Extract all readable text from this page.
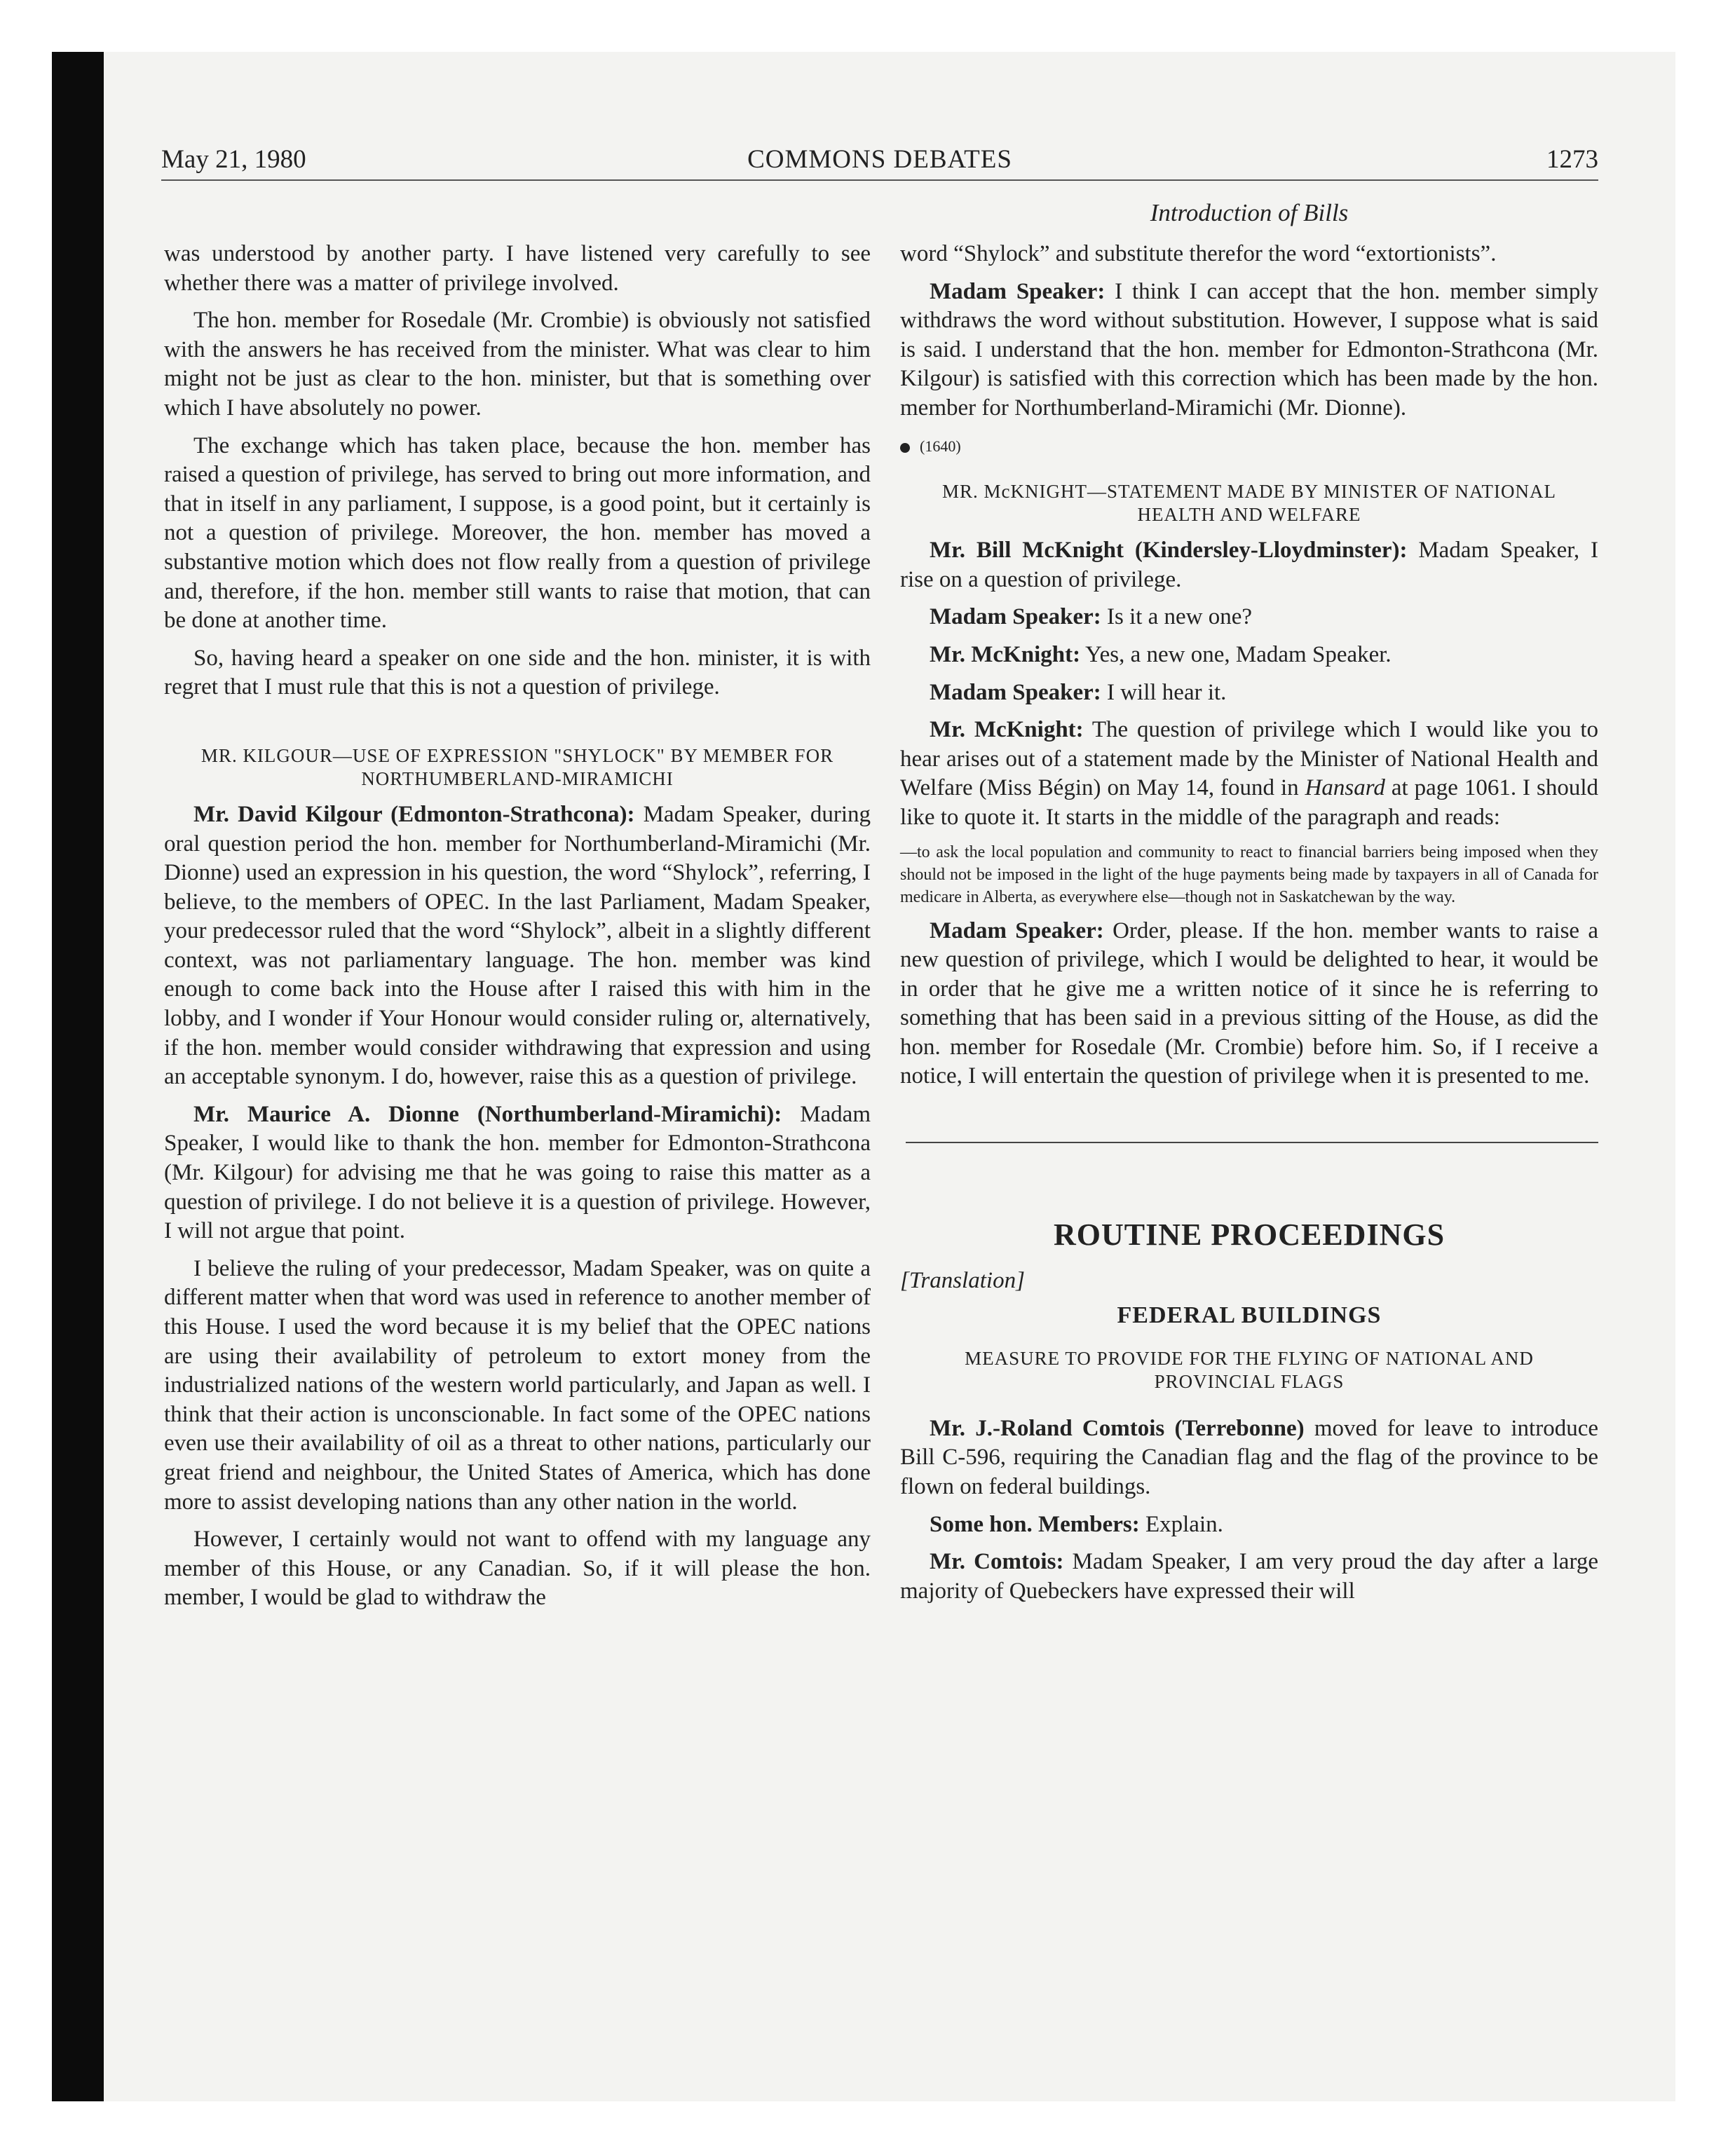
May 21, 1980	COMMONS DEBATES	1273
Introduction of Bills

was understood by another party. I have listened very carefully to see whether there was a matter of privilege involved.

The hon. member for Rosedale (Mr. Crombie) is obviously not satisfied with the answers he has received from the minister. What was clear to him might not be just as clear to the hon. minister, but that is something over which I have absolutely no power.

The exchange which has taken place, because the hon. member has raised a question of privilege, has served to bring out more information, and that in itself in any parliament, I suppose, is a good point, but it certainly is not a question of privilege. Moreover, the hon. member has moved a substantive motion which does not flow really from a question of privilege and, therefore, if the hon. member still wants to raise that motion, that can be done at another time.

So, having heard a speaker on one side and the hon. minister, it is with regret that I must rule that this is not a question of privilege.

MR. KILGOUR—USE OF EXPRESSION "SHYLOCK" BY MEMBER FOR NORTHUMBERLAND-MIRAMICHI

Mr. David Kilgour (Edmonton-Strathcona): Madam Speaker, during oral question period the hon. member for Northumberland-Miramichi (Mr. Dionne) used an expression in his question, the word “Shylock”, referring, I believe, to the members of OPEC. In the last Parliament, Madam Speaker, your predecessor ruled that the word “Shylock”, albeit in a slightly different context, was not parliamentary language. The hon. member was kind enough to come back into the House after I raised this with him in the lobby, and I wonder if Your Honour would consider ruling or, alternatively, if the hon. member would consider withdrawing that expression and using an acceptable synonym. I do, however, raise this as a question of privilege.

Mr. Maurice A. Dionne (Northumberland-Miramichi): Madam Speaker, I would like to thank the hon. member for Edmonton-Strathcona (Mr. Kilgour) for advising me that he was going to raise this matter as a question of privilege. I do not believe it is a question of privilege. However, I will not argue that point.

I believe the ruling of your predecessor, Madam Speaker, was on quite a different matter when that word was used in reference to another member of this House. I used the word because it is my belief that the OPEC nations are using their availability of petroleum to extort money from the industrialized nations of the western world particularly, and Japan as well. I think that their action is unconscionable. In fact some of the OPEC nations even use their availability of oil as a threat to other nations, particularly our great friend and neighbour, the United States of America, which has done more to assist developing nations than any other nation in the world.

However, I certainly would not want to offend with my language any member of this House, or any Canadian. So, if it will please the hon. member, I would be glad to withdraw the

word “Shylock” and substitute therefor the word “extortionists”.

Madam Speaker: I think I can accept that the hon. member simply withdraws the word without substitution. However, I suppose what is said is said. I understand that the hon. member for Edmonton-Strathcona (Mr. Kilgour) is satisfied with this correction which has been made by the hon. member for Northumberland-Miramichi (Mr. Dionne).

(1640)
MR. McKNIGHT—STATEMENT MADE BY MINISTER OF NATIONAL HEALTH AND WELFARE

Mr. Bill McKnight (Kindersley-Lloydminster): Madam Speaker, I rise on a question of privilege.

Madam Speaker: Is it a new one?

Mr. McKnight: Yes, a new one, Madam Speaker.

Madam Speaker: I will hear it.

Mr. McKnight: The question of privilege which I would like you to hear arises out of a statement made by the Minister of National Health and Welfare (Miss Bégin) on May 14, found in Hansard at page 1061. I should like to quote it. It starts in the middle of the paragraph and reads:

—to ask the local population and community to react to financial barriers being imposed when they should not be imposed in the light of the huge payments being made by taxpayers in all of Canada for medicare in Alberta, as everywhere else—though not in Saskatchewan by the way.

Madam Speaker: Order, please. If the hon. member wants to raise a new question of privilege, which I would be delighted to hear, it would be in order that he give me a written notice of it since he is referring to something that has been said in a previous sitting of the House, as did the hon. member for Rosedale (Mr. Crombie) before him. So, if I receive a notice, I will entertain the question of privilege when it is presented to me.

ROUTINE PROCEEDINGS
[Translation]
FEDERAL BUILDINGS
MEASURE TO PROVIDE FOR THE FLYING OF NATIONAL AND PROVINCIAL FLAGS

Mr. J.-Roland Comtois (Terrebonne) moved for leave to introduce Bill C-596, requiring the Canadian flag and the flag of the province to be flown on federal buildings.

Some hon. Members: Explain.

Mr. Comtois: Madam Speaker, I am very proud the day after a large majority of Quebeckers have expressed their will
